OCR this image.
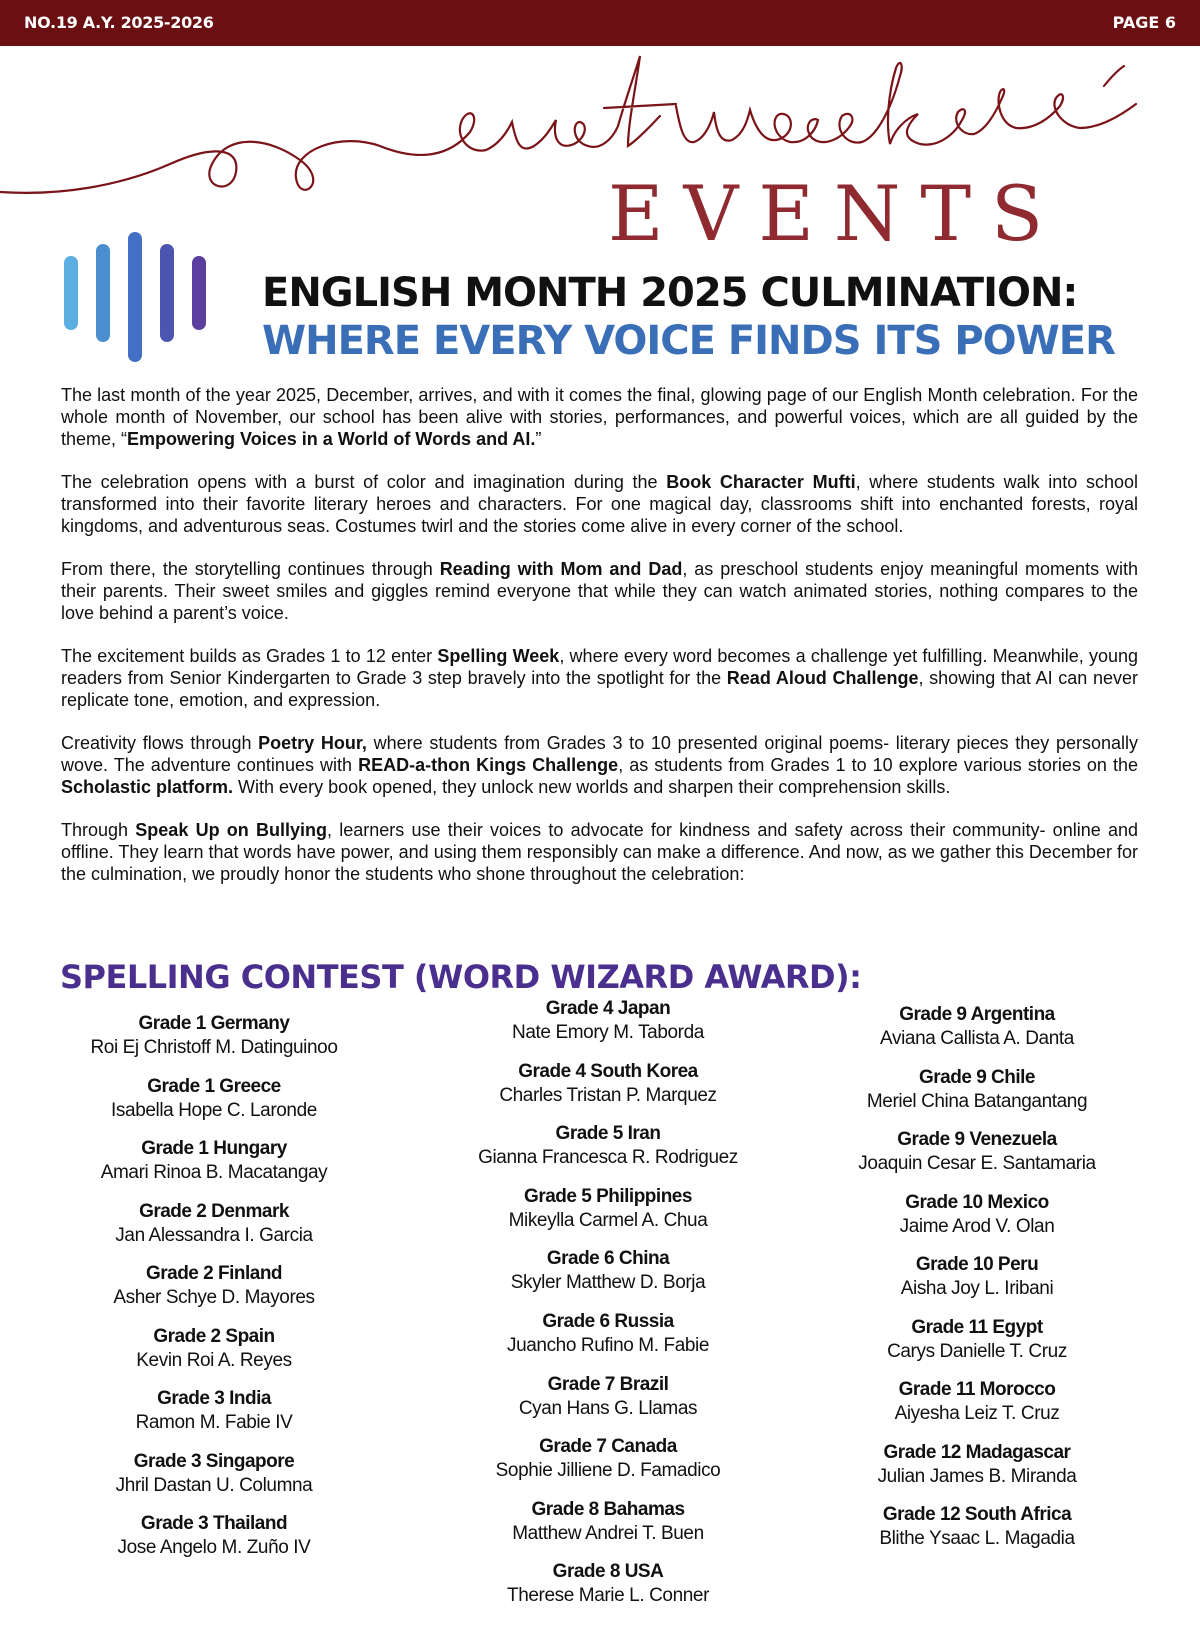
NO.19 A.Y. 2025-2026	PAGE 6
EVENTS
ENGLISH MONTH 2025 CULMINATION:
WHERE EVERY VOICE FINDS ITS POWER

The last month of the year 2025, December, arrives, and with it comes the final, glowing page of our English Month celebration. For the whole month of November, our school has been alive with stories, performances, and powerful voices, which are all guided by the theme, “Empowering Voices in a World of Words and AI.”

The celebration opens with a burst of color and imagination during the Book Character Mufti, where students walk into school transformed into their favorite literary heroes and characters. For one magical day, classrooms shift into enchanted forests, royal kingdoms, and adventurous seas. Costumes twirl and the stories come alive in every corner of the school.

From there, the storytelling continues through Reading with Mom and Dad, as preschool students enjoy meaningful moments with their parents. Their sweet smiles and giggles remind everyone that while they can watch animated stories, nothing compares to the love behind a parent’s voice.

The excitement builds as Grades 1 to 12 enter Spelling Week, where every word becomes a challenge yet fulfilling. Meanwhile, young readers from Senior Kindergarten to Grade 3 step bravely into the spotlight for the Read Aloud Challenge, showing that AI can never replicate tone, emotion, and expression.

Creativity flows through Poetry Hour, where students from Grades 3 to 10 presented original poems- literary pieces they personally wove. The adventure continues with READ-a-thon Kings Challenge, as students from Grades 1 to 10 explore various stories on the Scholastic platform. With every book opened, they unlock new worlds and sharpen their comprehension skills.

Through Speak Up on Bullying, learners use their voices to advocate for kindness and safety across their community- online and offline. They learn that words have power, and using them responsibly can make a difference. And now, as we gather this December for the culmination, we proudly honor the students who shone throughout the celebration:

SPELLING CONTEST (WORD WIZARD AWARD):
Grade 1 Germany
Roi Ej Christoff M. Datinguinoo
Grade 1 Greece
Isabella Hope C. Laronde
Grade 1 Hungary
Amari Rinoa B. Macatangay
Grade 2 Denmark
Jan Alessandra I. Garcia
Grade 2 Finland
Asher Schye D. Mayores
Grade 2 Spain
Kevin Roi A. Reyes
Grade 3 India
Ramon M. Fabie IV
Grade 3 Singapore
Jhril Dastan U. Columna
Grade 3 Thailand
Jose Angelo M. Zuño IV
Grade 4 Japan
Nate Emory M. Taborda
Grade 4 South Korea
Charles Tristan P. Marquez
Grade 5 Iran
Gianna Francesca R. Rodriguez
Grade 5 Philippines
Mikeylla Carmel A. Chua
Grade 6 China
Skyler Matthew D. Borja
Grade 6 Russia
Juancho Rufino M. Fabie
Grade 7 Brazil
Cyan Hans G. Llamas
Grade 7 Canada
Sophie Jilliene D. Famadico
Grade 8 Bahamas
Matthew Andrei T. Buen
Grade 8 USA
Therese Marie L. Conner
Grade 9 Argentina
Aviana Callista A. Danta
Grade 9 Chile
Meriel China Batangantang
Grade 9 Venezuela
Joaquin Cesar E. Santamaria
Grade 10 Mexico
Jaime Arod V. Olan
Grade 10 Peru
Aisha Joy L. Iribani
Grade 11 Egypt
Carys Danielle T. Cruz
Grade 11 Morocco
Aiyesha Leiz T. Cruz
Grade 12 Madagascar
Julian James B. Miranda
Grade 12 South Africa
Blithe Ysaac L. Magadia
